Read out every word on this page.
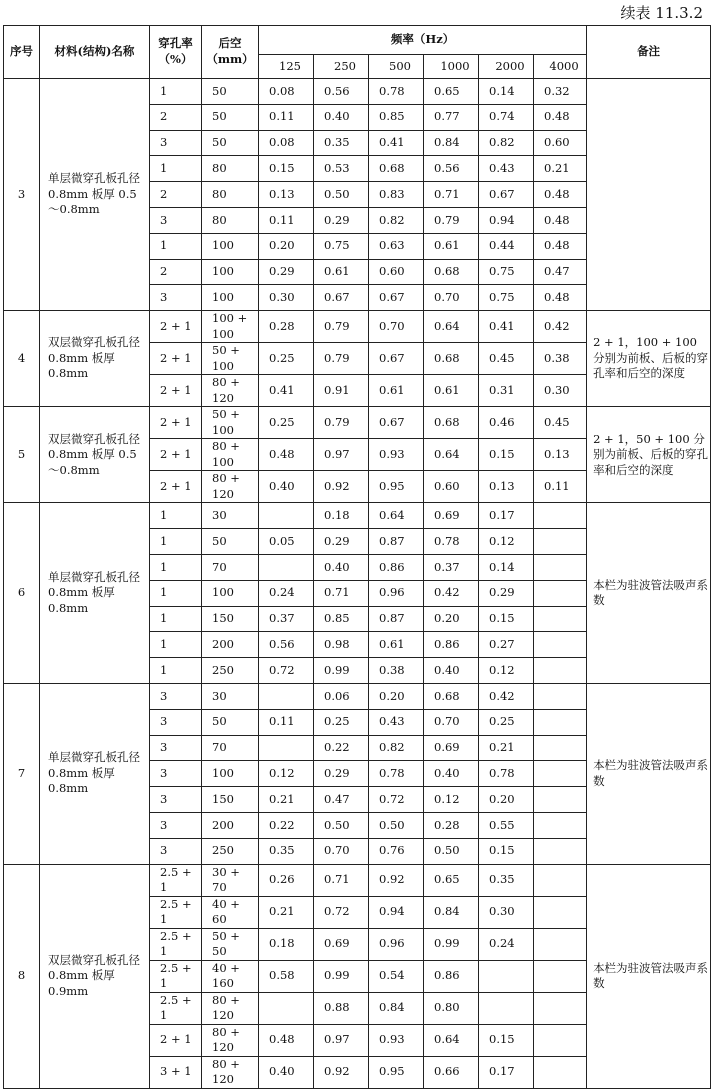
续表 11.3.2
序号	材料(结构)名称	穿孔率（%）	后空（mm）	频率（Hz）						备注
				125	250	500	1000	2000	4000	
3	单层微穿孔板孔径 0.8mm 板厚 0.5～0.8mm	1	50	0.08	0.56	0.78	0.65	0.14	0.32	
		2	50	0.11	0.40	0.85	0.77	0.74	0.48	
		3	50	0.08	0.35	0.41	0.84	0.82	0.60	
		1	80	0.15	0.53	0.68	0.56	0.43	0.21	
		2	80	0.13	0.50	0.83	0.71	0.67	0.48	
		3	80	0.11	0.29	0.82	0.79	0.94	0.48	
		1	100	0.20	0.75	0.63	0.61	0.44	0.48	
		2	100	0.29	0.61	0.60	0.68	0.75	0.47	
		3	100	0.30	0.67	0.67	0.70	0.75	0.48	
4	双层微穿孔板孔径 0.8mm 板厚 0.8mm	2 + 1	100 + 100	0.28	0.79	0.70	0.64	0.41	0.42	2 + 1，100 + 100 分别为前板、后板的穿孔率和后空的深度
		2 + 1	50 + 100	0.25	0.79	0.67	0.68	0.45	0.38	
		2 + 1	80 + 120	0.41	0.91	0.61	0.61	0.31	0.30	
5	双层微穿孔板孔径 0.8mm 板厚 0.5～0.8mm	2 + 1	50 + 100	0.25	0.79	0.67	0.68	0.46	0.45	2 + 1，50 + 100 分别为前板、后板的穿孔率和后空的深度
		2 + 1	80 + 100	0.48	0.97	0.93	0.64	0.15	0.13	
		2 + 1	80 + 120	0.40	0.92	0.95	0.60	0.13	0.11	
6	单层微穿孔板孔径 0.8mm 板厚 0.8mm	1	30		0.18	0.64	0.69	0.17		本栏为驻波管法吸声系数
		1	50	0.05	0.29	0.87	0.78	0.12		
		1	70		0.40	0.86	0.37	0.14		
		1	100	0.24	0.71	0.96	0.42	0.29		
		1	150	0.37	0.85	0.87	0.20	0.15		
		1	200	0.56	0.98	0.61	0.86	0.27		
		1	250	0.72	0.99	0.38	0.40	0.12		
7	单层微穿孔板孔径 0.8mm 板厚 0.8mm	3	30		0.06	0.20	0.68	0.42		本栏为驻波管法吸声系数
		3	50	0.11	0.25	0.43	0.70	0.25		
		3	70		0.22	0.82	0.69	0.21		
		3	100	0.12	0.29	0.78	0.40	0.78		
		3	150	0.21	0.47	0.72	0.12	0.20		
		3	200	0.22	0.50	0.50	0.28	0.55		
		3	250	0.35	0.70	0.76	0.50	0.15		
8	双层微穿孔板孔径 0.8mm 板厚 0.9mm	2.5 + 1	30 + 70	0.26	0.71	0.92	0.65	0.35		本栏为驻波管法吸声系数
		2.5 + 1	40 + 60	0.21	0.72	0.94	0.84	0.30		
		2.5 + 1	50 + 50	0.18	0.69	0.96	0.99	0.24		
		2.5 + 1	40 + 160	0.58	0.99	0.54	0.86			
		2.5 + 1	80 + 120		0.88	0.84	0.80			
		2 + 1	80 + 120	0.48	0.97	0.93	0.64	0.15		
		3 + 1	80 + 120	0.40	0.92	0.95	0.66	0.17		
